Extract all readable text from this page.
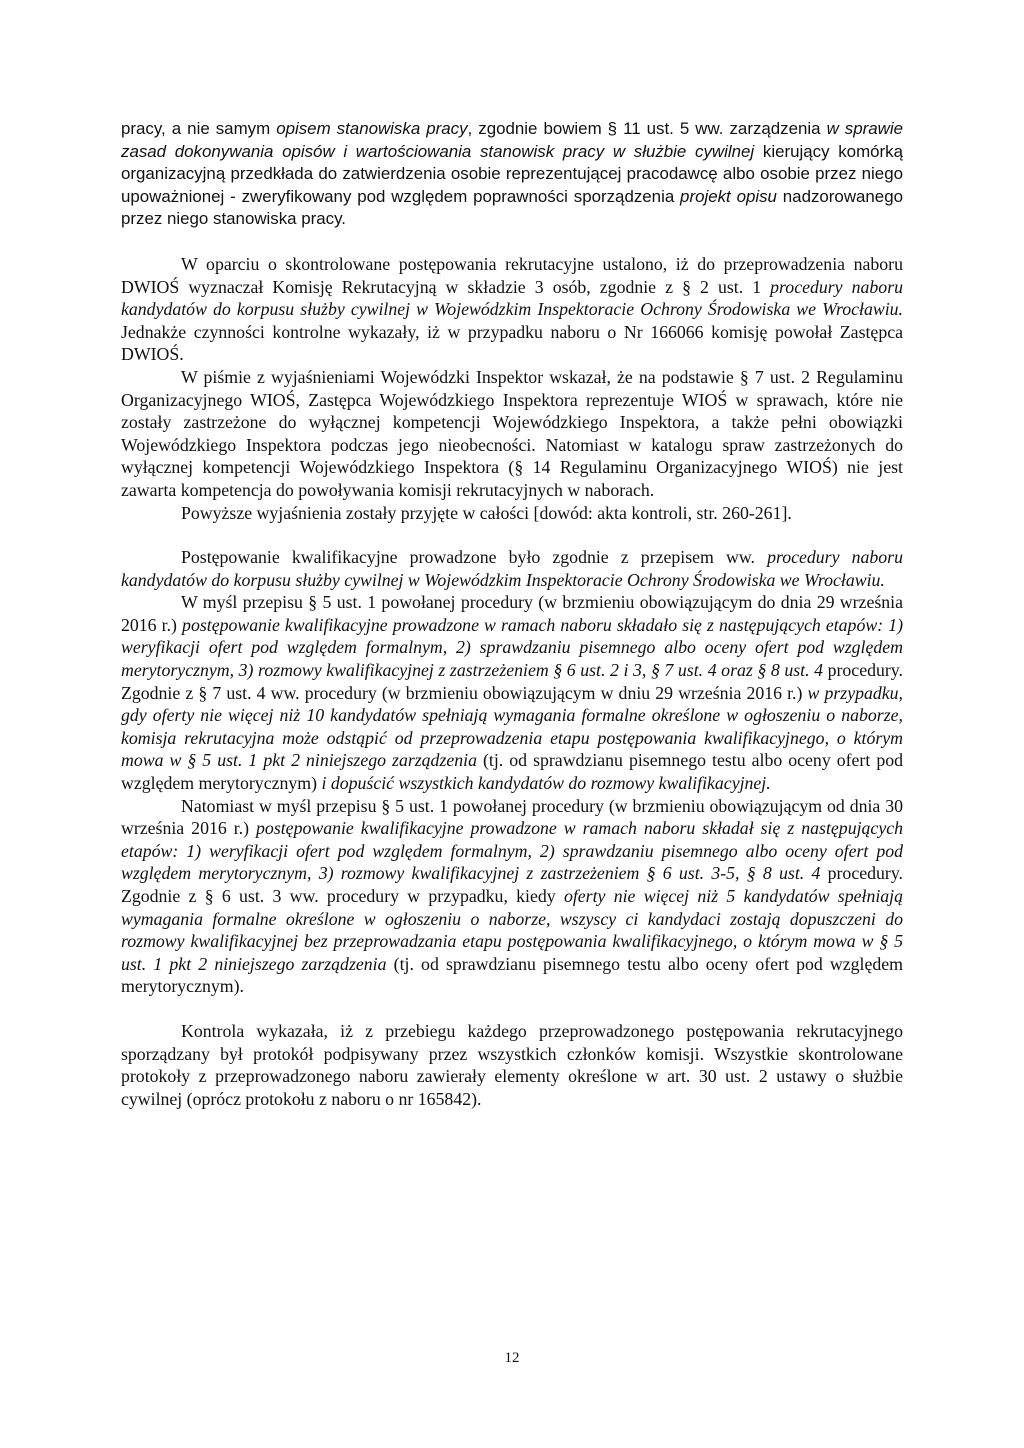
pracy, a nie samym opisem stanowiska pracy, zgodnie bowiem § 11 ust. 5 ww. zarządzenia w sprawie zasad dokonywania opisów i wartościowania stanowisk pracy w służbie cywilnej kierujący komórką organizacyjną przedkłada do zatwierdzenia osobie reprezentującej pracodawcę albo osobie przez niego upoważnionej - zweryfikowany pod względem poprawności sporządzenia projekt opisu nadzorowanego przez niego stanowiska pracy.

W oparciu o skontrolowane postępowania rekrutacyjne ustalono, iż do przeprowadzenia naboru DWIOŚ wyznaczał Komisję Rekrutacyjną w składzie 3 osób, zgodnie z § 2 ust. 1 procedury naboru kandydatów do korpusu służby cywilnej w Wojewódzkim Inspektoracie Ochrony Środowiska we Wrocławiu. Jednakże czynności kontrolne wykazały, iż w przypadku naboru o Nr 166066 komisję powołał Zastępca DWIOŚ.

W piśmie z wyjaśnieniami Wojewódzki Inspektor wskazał, że na podstawie § 7 ust. 2 Regulaminu Organizacyjnego WIOŚ, Zastępca Wojewódzkiego Inspektora reprezentuje WIOŚ w sprawach, które nie zostały zastrzeżone do wyłącznej kompetencji Wojewódzkiego Inspektora, a także pełni obowiązki Wojewódzkiego Inspektora podczas jego nieobecności. Natomiast w katalogu spraw zastrzeżonych do wyłącznej kompetencji Wojewódzkiego Inspektora (§ 14 Regulaminu Organizacyjnego WIOŚ) nie jest zawarta kompetencja do powoływania komisji rekrutacyjnych w naborach.

Powyższe wyjaśnienia zostały przyjęte w całości [dowód: akta kontroli, str. 260-261].

Postępowanie kwalifikacyjne prowadzone było zgodnie z przepisem ww. procedury naboru kandydatów do korpusu służby cywilnej w Wojewódzkim Inspektoracie Ochrony Środowiska we Wrocławiu.

W myśl przepisu § 5 ust. 1 powołanej procedury (w brzmieniu obowiązującym do dnia 29 września 2016 r.) postępowanie kwalifikacyjne prowadzone w ramach naboru składało się z następujących etapów: 1) weryfikacji ofert pod względem formalnym, 2) sprawdzaniu pisemnego albo oceny ofert pod względem merytorycznym, 3) rozmowy kwalifikacyjnej z zastrzeżeniem § 6 ust. 2 i 3, § 7 ust. 4 oraz § 8 ust. 4 procedury. Zgodnie z § 7 ust. 4 ww. procedury (w brzmieniu obowiązującym w dniu 29 września 2016 r.) w przypadku, gdy oferty nie więcej niż 10 kandydatów spełniają wymagania formalne określone w ogłoszeniu o naborze, komisja rekrutacyjna może odstąpić od przeprowadzenia etapu postępowania kwalifikacyjnego, o którym mowa w § 5 ust. 1 pkt 2 niniejszego zarządzenia (tj. od sprawdzianu pisemnego testu albo oceny ofert pod względem merytorycznym) i dopuścić wszystkich kandydatów do rozmowy kwalifikacyjnej.

Natomiast w myśl przepisu § 5 ust. 1 powołanej procedury (w brzmieniu obowiązującym od dnia 30 września 2016 r.) postępowanie kwalifikacyjne prowadzone w ramach naboru składał się z następujących etapów: 1) weryfikacji ofert pod względem formalnym, 2) sprawdzaniu pisemnego albo oceny ofert pod względem merytorycznym, 3) rozmowy kwalifikacyjnej z zastrzeżeniem § 6 ust. 3-5, § 8 ust. 4 procedury. Zgodnie z § 6 ust. 3 ww. procedury w przypadku, kiedy oferty nie więcej niż 5 kandydatów spełniają wymagania formalne określone w ogłoszeniu o naborze, wszyscy ci kandydaci zostają dopuszczeni do rozmowy kwalifikacyjnej bez przeprowadzania etapu postępowania kwalifikacyjnego, o którym mowa w § 5 ust. 1 pkt 2 niniejszego zarządzenia (tj. od sprawdzianu pisemnego testu albo oceny ofert pod względem merytorycznym).

Kontrola wykazała, iż z przebiegu każdego przeprowadzonego postępowania rekrutacyjnego sporządzany był protokół podpisywany przez wszystkich członków komisji. Wszystkie skontrolowane protokoły z przeprowadzonego naboru zawierały elementy określone w art. 30 ust. 2 ustawy o służbie cywilnej (oprócz protokołu z naboru o nr 165842).

12
